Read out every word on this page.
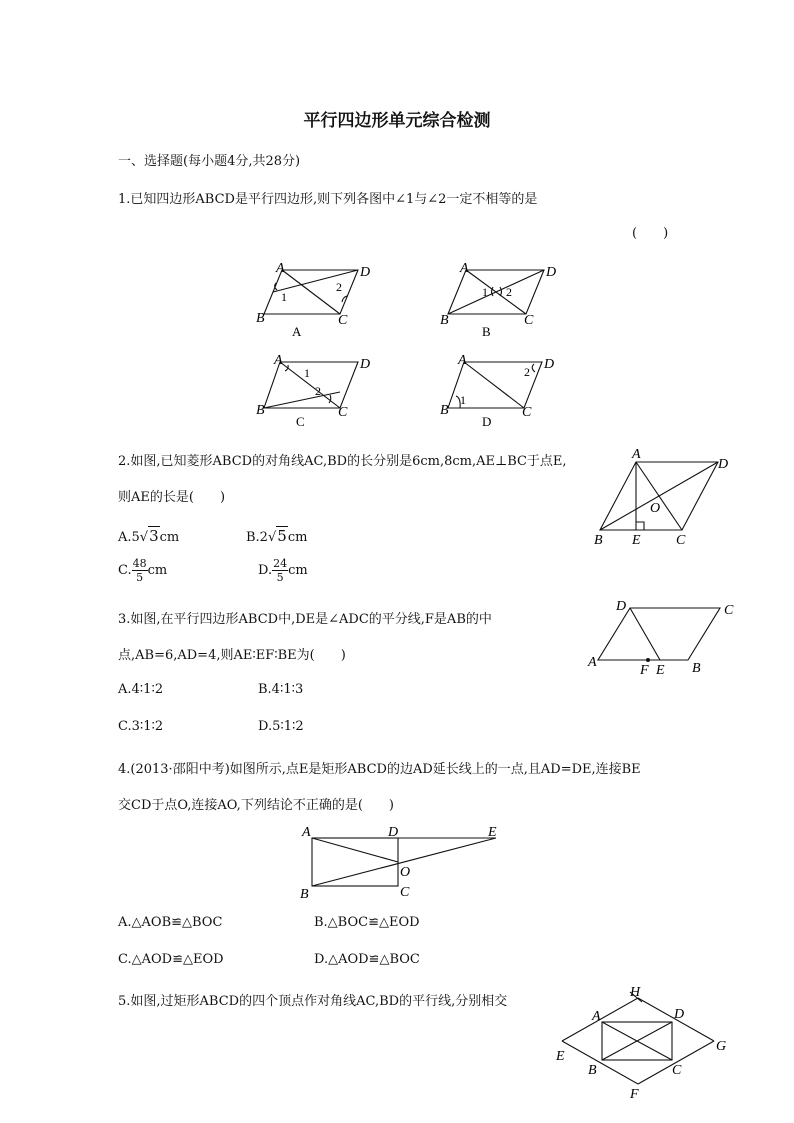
平行四边形单元综合检测
一、选择题(每小题4分,共28分)
1.已知四边形ABCD是平行四边形,则下列各图中∠1与∠2一定不相等的是
(　　)
A	D
B	C
1
2
A
A	D
B	C
1 2
B
A	D
B	C
1
2
C
A	D
B	C
1
2
D
2.如图,已知菱形ABCD的对角线AC,BD的长分别是6cm,8cm,AE⊥BC于点E,
则AE的长是(　　)
A.5√3cm	B.2√5cm
C. $\frac{48}{5}$ cm	D. $\frac{24}{5}$ cm
A
D
B E	C
O
3.如图,在平行四边形ABCD中,DE是∠ADC的平分线,F是AB的中
点,AB=6,AD=4,则AE∶EF∶BE为(　　)
A.4∶1∶2	B.4∶1∶3
C.3∶1∶2	D.5∶1∶2
D	C
A
F E B
4.(2013·邵阳中考)如图所示,点E是矩形ABCD的边AD延长线上的一点,且AD=DE,连接BE
交CD于点O,连接AO,下列结论不正确的是(　　)
A	D	E
B
O
C
A.△AOB≌△BOC	B.△BOC≌△EOD
C.△AOD≌△EOD	D.△AOD≌△BOC
5.如图,过矩形ABCD的四个顶点作对角线AC,BD的平行线,分别相交
A	D
B	C
E
G
H
F
